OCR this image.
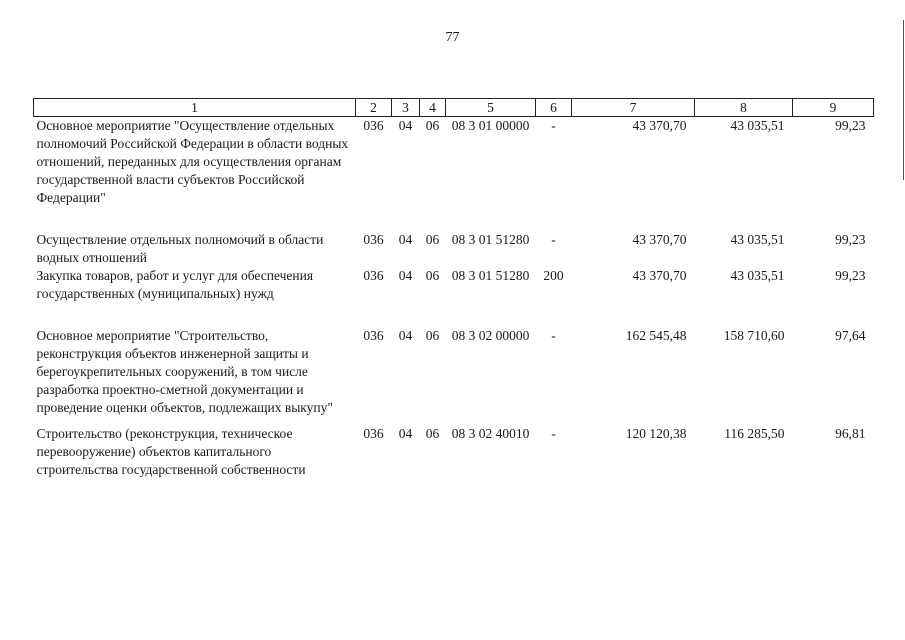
77
1	2	3	4	5	6	7	8	9
Основное мероприятие "Осуществление отдельных полномочий Российской Федерации в области водных отношений, переданных для осуществления органам государственной власти субъектов Российской Федерации"	036	04	06	08 3 01 00000	-	43 370,70	43 035,51	99,23

Осуществление отдельных полномочий в области водных отношений	036	04	06	08 3 01 51280	-	43 370,70	43 035,51	99,23
Закупка товаров, работ и услуг для обеспечения государственных (муниципальных) нужд	036	04	06	08 3 01 51280	200	43 370,70	43 035,51	99,23

Основное мероприятие "Строительство, реконструкция объектов инженерной защиты и берегоукрепительных сооружений, в том числе разработка проектно-сметной документации и проведение оценки объектов, подлежащих выкупу"	036	04	06	08 3 02 00000	-	162 545,48	158 710,60	97,64

Строительство (реконструкция, техническое перевооружение) объектов капитального строительства государственной собственности	036	04	06	08 3 02 40010	-	120 120,38	116 285,50	96,81
